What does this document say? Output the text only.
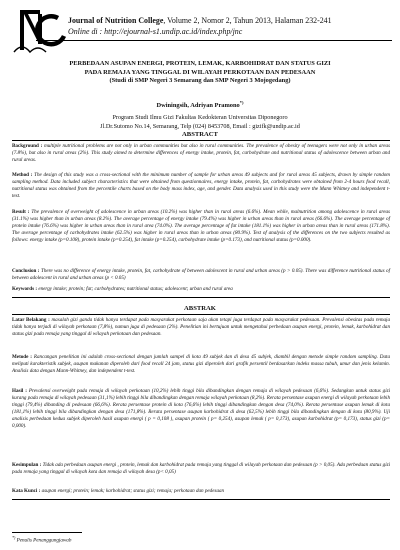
Journal of Nutrition College, Volume 2, Nomor 2, Tahun 2013, Halaman 232-241
Online di : http://ejournal-s1.undip.ac.id/index.php/jnc
PERBEDAAN ASUPAN ENERGI, PROTEIN, LEMAK, KARBOHIDRAT DAN STATUS GIZI
PADA REMAJA YANG TINGGAL DI WILAYAH PERKOTAAN DAN PEDESAAN
(Studi di SMP Negeri 3 Semarang dan SMP Negeri 3 Mojogedang)
Dwiningsih, Adriyan Pramono*)
Program Studi Ilmu Gizi Fakultas Kedokteran Universitas Diponegoro
Jl.Dr.Sutomo No.14, Semarang, Telp (024) 8453708, Email : gizifk@undip.ac.id
ABSTRACT
Background : multiple nutritional problems are not only in urban communities but also in rural communities. The prevalence of obesity of teenagers were not only in urban areas (7.8%), but also in rural areas (2%). This study aimed to determine differences of energy intake, protein, fat, carbohydrate and nutritional status of adolescence between urban and rural areas.
Method : The design of this study was a cross-sectional with the minimum number of sample for urban areas 49 subjects and for rural areas 45 subjects, drawn by simple random sampling method. Data included subject characteristics that were obtained from questionnaires, energy intake, protein, fat, carbohydrates were obtained from 2-4 hours food recall, nutritional status was obtained from the percentile charts based on the body mass index, age, and gender. Data analysis used in this study were the Mann Whitney and independent t-test.
Result : The prevalence of overweight of adolescence in urban areas (10.2%) was higher than in rural areas (6.6%). Mean while, malnutrition among adolescence in rural areas (31.1%) was higher than in urban areas (8.2%). The average percentage of energy intake (79.4%) was higher in urban areas than in rural areas (66.6%). The average percentage of protein intake (76.6%) was higher in urban areas than in rural area (74.0%). The average percentage of fat intake (181.1%) was higher in urban areas than in rural areas (171.8%). The average percentage of carbohydrates intake (62.5%) was higher in rural areas than in urban areas (80.9%). Test of analysis of the differences on the two subjects resulted as follows: energy intake (p=0.108), protein intake (p=0.254), fat intake (p=0.254), carbohydrate intake (p=0.173), and nutritional status (p=0.000).
Conclusion : There was no difference of energy intake, protein, fat, carbohydrate of between adolescent in rural and urban areas (p > 0.05). There was difference nutritional status of between adolescent in rural and urban areas (p < 0.05)
Keywords : energy intake; protein; fat; carbohydrates; nutritional status; adolescent; urban and rural area
ABSTRAK
Latar Belakang : masalah gizi ganda tidak hanya terdapat pada masyarakat perkotaan saja akan tetapi juga terdapat pada masyarakat pedesaan. Prevalensi obesitas pada remaja tidak hanya terjadi di wilayah perkotaan (7,8%), namun juga di pedesaan (2%). Penelitian ini bertujuan untuk mengetahui perbedaan asupan energi, protein, lemak, karbohidrat dan status gizi pada remaja yang tinggal di wilayah perkotaan dan pedesaan.
Metode : Rancangan penelitian ini adalah cross-sectional dengan jumlah sampel di kota 49 subjek dan di desa 45 subjek, diambil dengan metode simple random sampling. Data meliputi karakteristik subjek, asupan makanan diperoleh dari food recall 24 jam, status gizi diperoleh dari grafik persentil berdasarkan indeks massa tubuh, umur dan jenis kelamin. Analisis data dengan Mann-Whitney, dan independent t-test.
Hasil : Prevalensi overweight pada remaja di wilayah perkotaan (10,2%) lebih tinggi bila dibandingkan dengan remaja di wilayah pedesaan (6,6%). Sedangkan untuk status gizi kurang pada remaja di wilayah pedesaan (31,1%) lebih tinggi bila dibandingkan dengan remaja wilayah perkotaan (8,2%). Rerata persentase asupan energi di wilayah perkotaan lebih tinggi (79,4%) dibanding di pedesaan (66,6%). Rerata persentase protein di kota (76,6%) lebih tinggi dibandingkan dengan desa (74,0%). Rerata persentase asupan lemak di kota (181,1%) lebih tinggi bila dibandingkan dengan desa (171,8%). Rerata persentase asupan karbohidrat di desa (62,5%) lebih tinggi bila dibandingkan dengan di kota (80,9%). Uji analisis perbedaan kedua subjek diperoleh hasil asupan energi ( p = 0,108 ), asupan protein ( p= 0,254), asupan lemak ( p= 0,173), asupan karbohidrat (p= 0,173), status gizi (p= 0,000).
Kesimpulan : Tidak ada perbedaan asupan energi , protein, lemak dan karbohidrat pada remaja yang tinggal di wilayah perkotaan dan pedesaan (p > 0,05). Ada perbedaan status gizi pada remaja yang tinggal di wilayah kota dan remaja di wilayah desa (p< 0,05)
Kata Kunci : asupan energi; protein; lemak; karbohidrat; status gizi; remaja; perkotaan dan pedesaan
*) Penulis Penanggungjawab
